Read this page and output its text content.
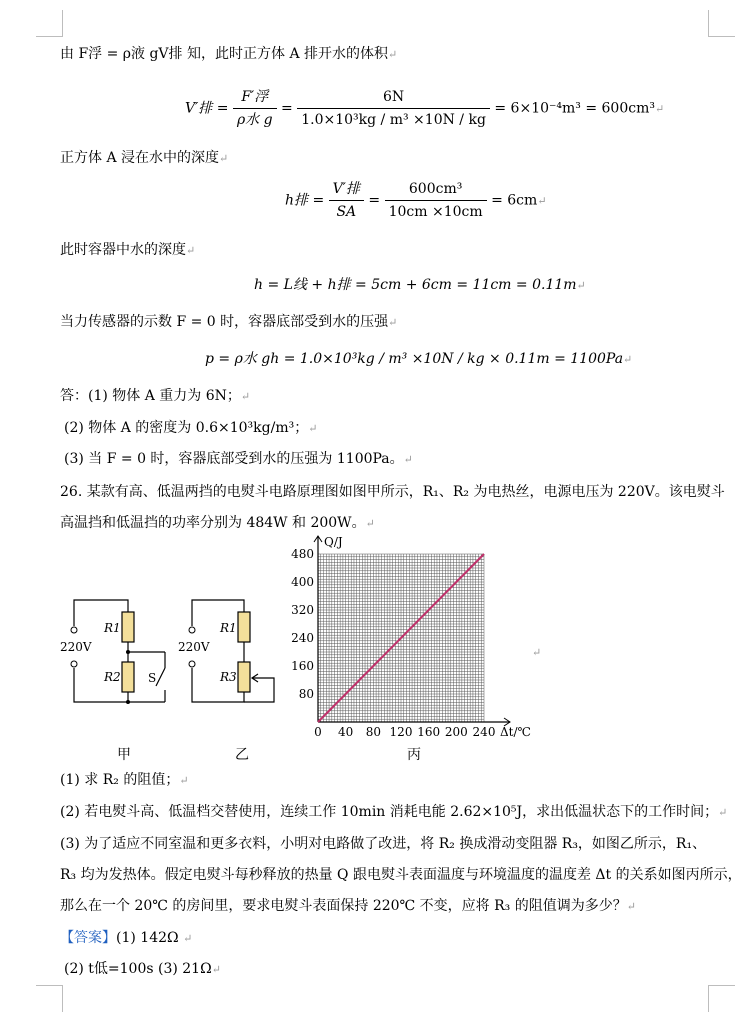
由 F浮 = ρ液 gV排 知，此时正方体 A 排开水的体积↵
V′排 = $\frac{\text{F′浮}}{\text{ρ水 g}} = \frac{6N}{\text{1.0×10³kg / m³ ×10N / kg}} = 6\times 10^{-4}m^3$ = 600cm³↵
正方体 A 浸在水中的深度↵
h排 = $\frac{\text{V′排}}{SA} = \frac{\text{600cm³}}{10cm \times 10cm}$ = 6cm↵
此时容器中水的深度↵
h = L线 + h排 = 5cm + 6cm = 11cm = 0.11m↵
当力传感器的示数 F = 0 时，容器底部受到水的压强↵
p = ρ水 gh = 1.0×10³kg / m³ ×10N / kg × 0.11m = 1100Pa↵
答：(1) 物体 A 重力为 6N；↵
(2) 物体 A 的密度为 0.6×10³kg/m³；↵
(3) 当 F = 0 时，容器底部受到水的压强为 1100Pa。↵
26. 某款有高、低温两挡的电熨斗电路原理图如图甲所示，R₁、R₂ 为电热丝，电源电压为 220V。该电熨斗
高温挡和低温挡的功率分别为 484W 和 200W。↵
220V
R1
R2 S
甲
220V
R1
R3
乙
0 40 80 120 160 200 240
80
160
240
320
400
480
Δt/℃
Q/J
丙
↵
(1) 求 R₂ 的阻值；↵
(2) 若电熨斗高、低温档交替使用，连续工作 10min 消耗电能 2.62×10⁵J，求出低温状态下的工作时间；↵
(3) 为了适应不同室温和更多衣料，小明对电路做了改进，将 R₂ 换成滑动变阻器 R₃，如图乙所示，R₁、
R₃ 均为发热体。假定电熨斗每秒释放的热量 Q 跟电熨斗表面温度与环境温度的温度差 Δt 的关系如图丙所示，
那么在一个 20℃ 的房间里，要求电熨斗表面保持 220℃ 不变，应将 R₃ 的阻值调为多少？↵
【答案】(1) 142Ω ↵
(2) t低=100s (3) 21Ω↵
